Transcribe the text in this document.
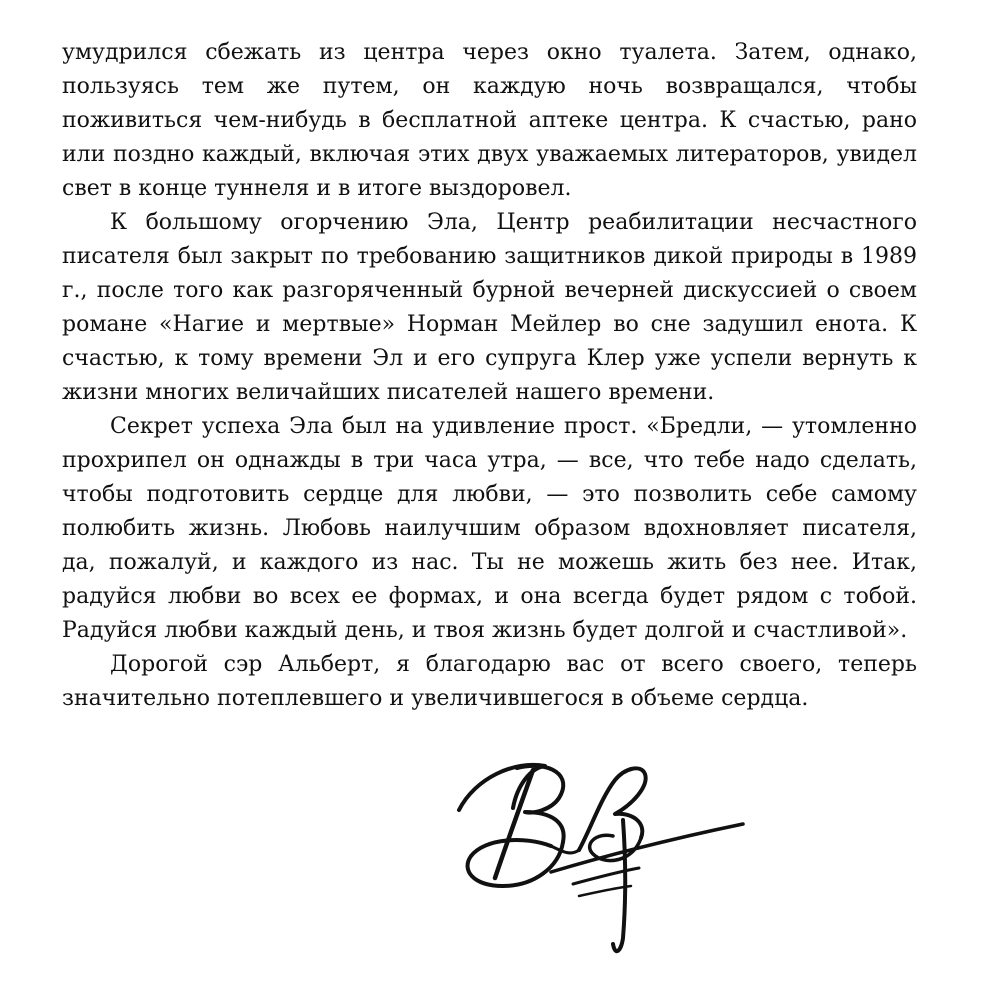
умудрился сбежать из центра через окно туалета. Затем, однако, пользуясь тем же путем, он каждую ночь возвращался, чтобы поживиться чем-нибудь в бесплатной аптеке центра. К счастью, рано или поздно каждый, включая этих двух уважаемых литераторов, увидел свет в конце туннеля и в итоге выздоровел.

К большому огорчению Эла, Центр реабилитации несчастного писателя был закрыт по требованию защитников дикой природы в 1989 г., после того как разгоряченный бурной вечерней дискуссией о своем романе «Нагие и мертвые» Норман Мейлер во сне задушил енота. К счастью, к тому времени Эл и его супруга Клер уже успели вернуть к жизни многих величайших писателей нашего времени.

Секрет успеха Эла был на удивление прост. «Бредли, — утомленно прохрипел он однажды в три часа утра, — все, что тебе надо сделать, чтобы подготовить сердце для любви, — это позволить себе самому полюбить жизнь. Любовь наилучшим образом вдохновляет писателя, да, пожалуй, и каждого из нас. Ты не можешь жить без нее. Итак, радуйся любви во всех ее формах, и она всегда будет рядом с тобой. Радуйся любви каждый день, и твоя жизнь будет долгой и счастливой».

Дорогой сэр Альберт, я благодарю вас от всего своего, теперь значительно потеплевшего и увеличившегося в объеме сердца.
